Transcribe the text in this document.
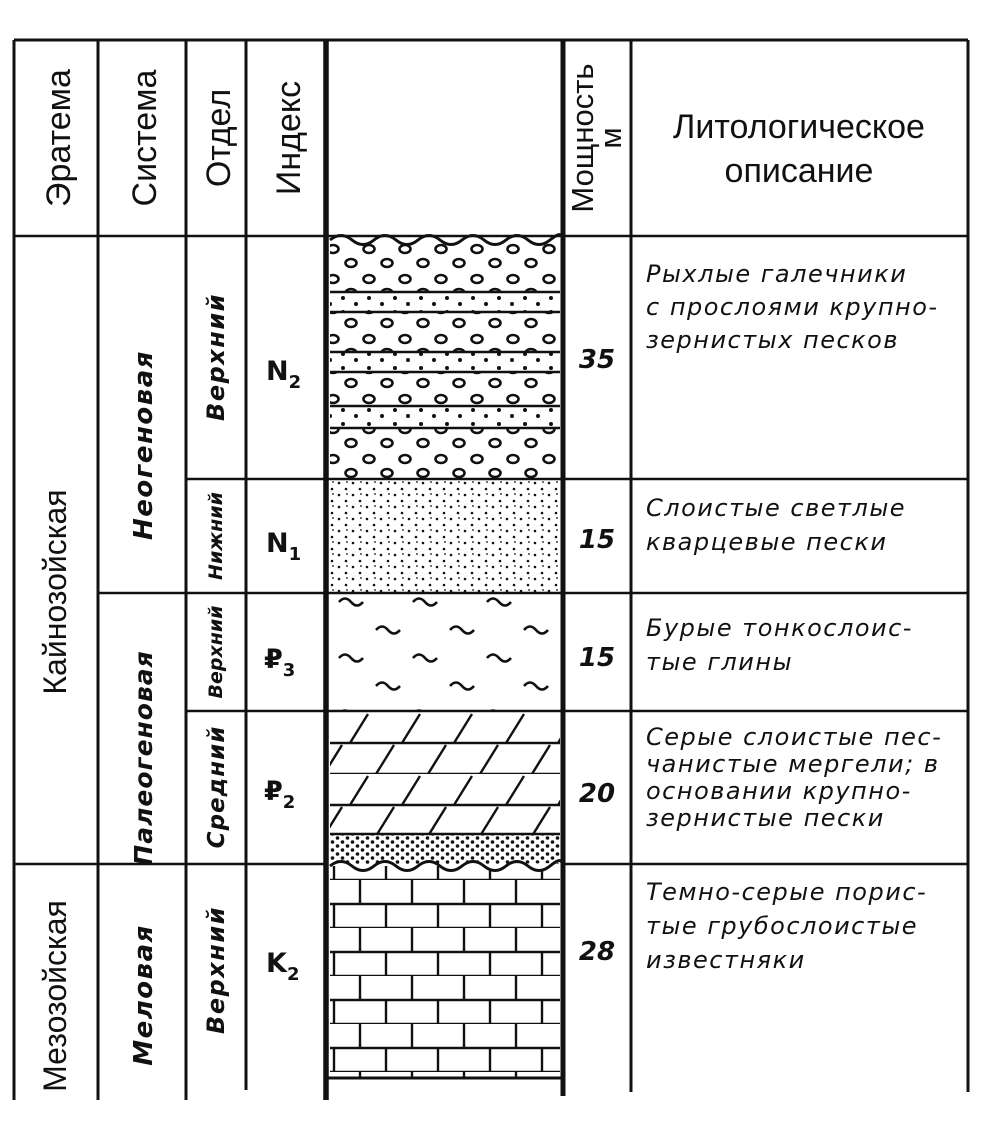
Эратема Система Отдел Индекс	Мощность
м Литологическое
описание
Кайнозойская
Мезозойская
Неогеновая
Палеогеновая
Меловая
Верхний
Нижний
Верхний
Средний
Верхний
N2
N1
₽3
₽2
K2
35
15
15
20
28
Рыхлые галечники
с прослоями крупно-
зернистых песков
Слоистые светлые
кварцевые пески
Бурые тонкослоис-
тые глины
Серые слоистые пес-
чанистые мергели; в
основании крупно-
зернистые пески
Темно-серые порис-
тые грубослоистые
известняки
